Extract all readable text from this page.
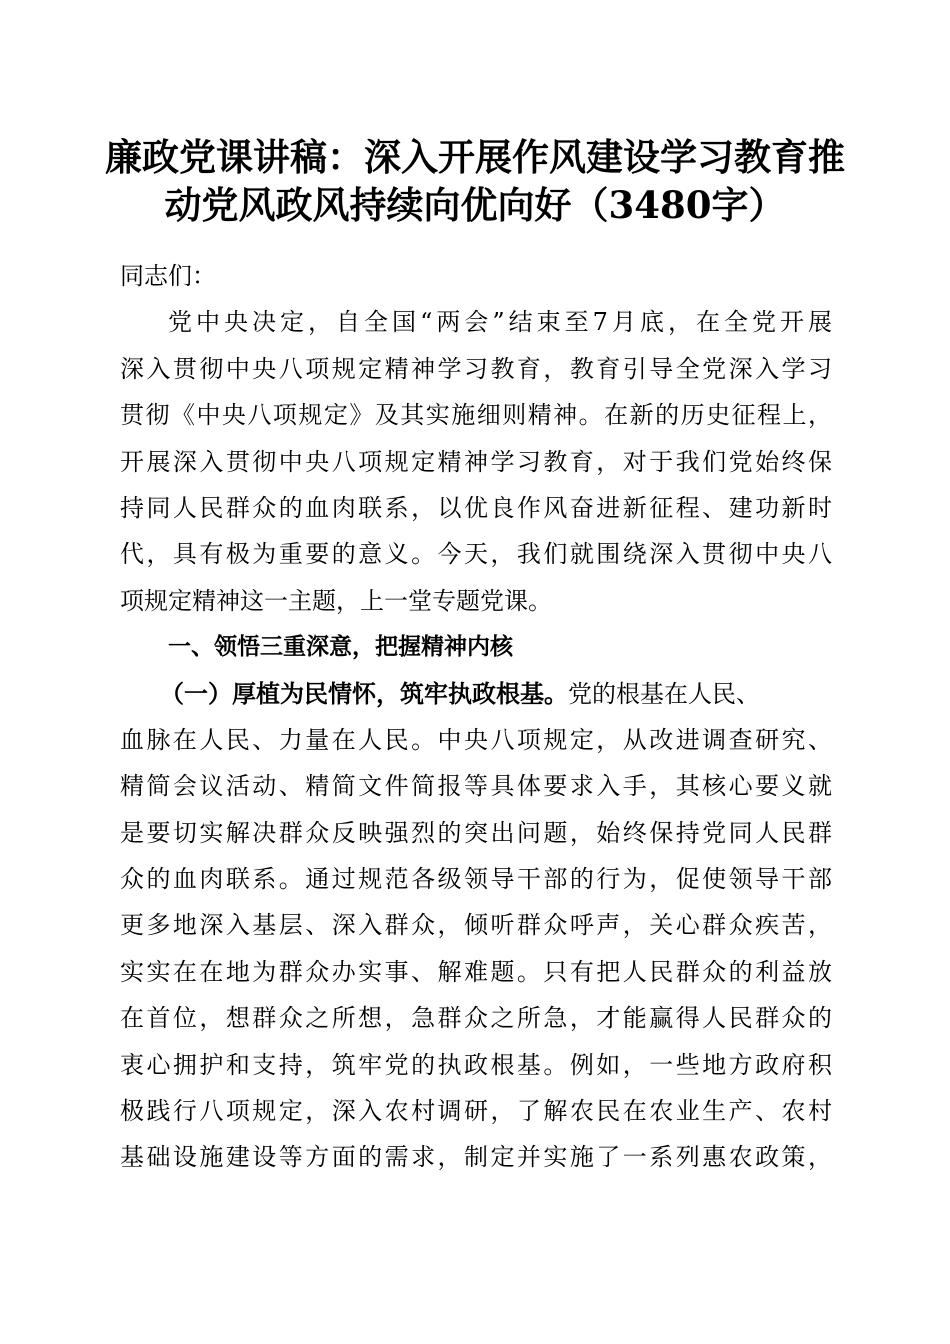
廉政党课讲稿：深入开展作风建设学习教育推
动党风政风持续向优向好（3480字）
同志们：
党中央决定，自全国“两会”结束至7月底，在全党开展
深入贯彻中央八项规定精神学习教育，教育引导全党深入学习
贯彻《中央八项规定》及其实施细则精神。在新的历史征程上，
开展深入贯彻中央八项规定精神学习教育，对于我们党始终保
持同人民群众的血肉联系，以优良作风奋进新征程、建功新时
代，具有极为重要的意义。今天，我们就围绕深入贯彻中央八
项规定精神这一主题，上一堂专题党课。
一、领悟三重深意，把握精神内核
（一）厚植为民情怀，筑牢执政根基。党的根基在人民、
血脉在人民、力量在人民。中央八项规定，从改进调查研究、
精简会议活动、精简文件简报等具体要求入手，其核心要义就
是要切实解决群众反映强烈的突出问题，始终保持党同人民群
众的血肉联系。通过规范各级领导干部的行为，促使领导干部
更多地深入基层、深入群众，倾听群众呼声，关心群众疾苦，
实实在在地为群众办实事、解难题。只有把人民群众的利益放
在首位，想群众之所想，急群众之所急，才能赢得人民群众的
衷心拥护和支持，筑牢党的执政根基。例如，一些地方政府积
极践行八项规定，深入农村调研，了解农民在农业生产、农村
基础设施建设等方面的需求，制定并实施了一系列惠农政策，
